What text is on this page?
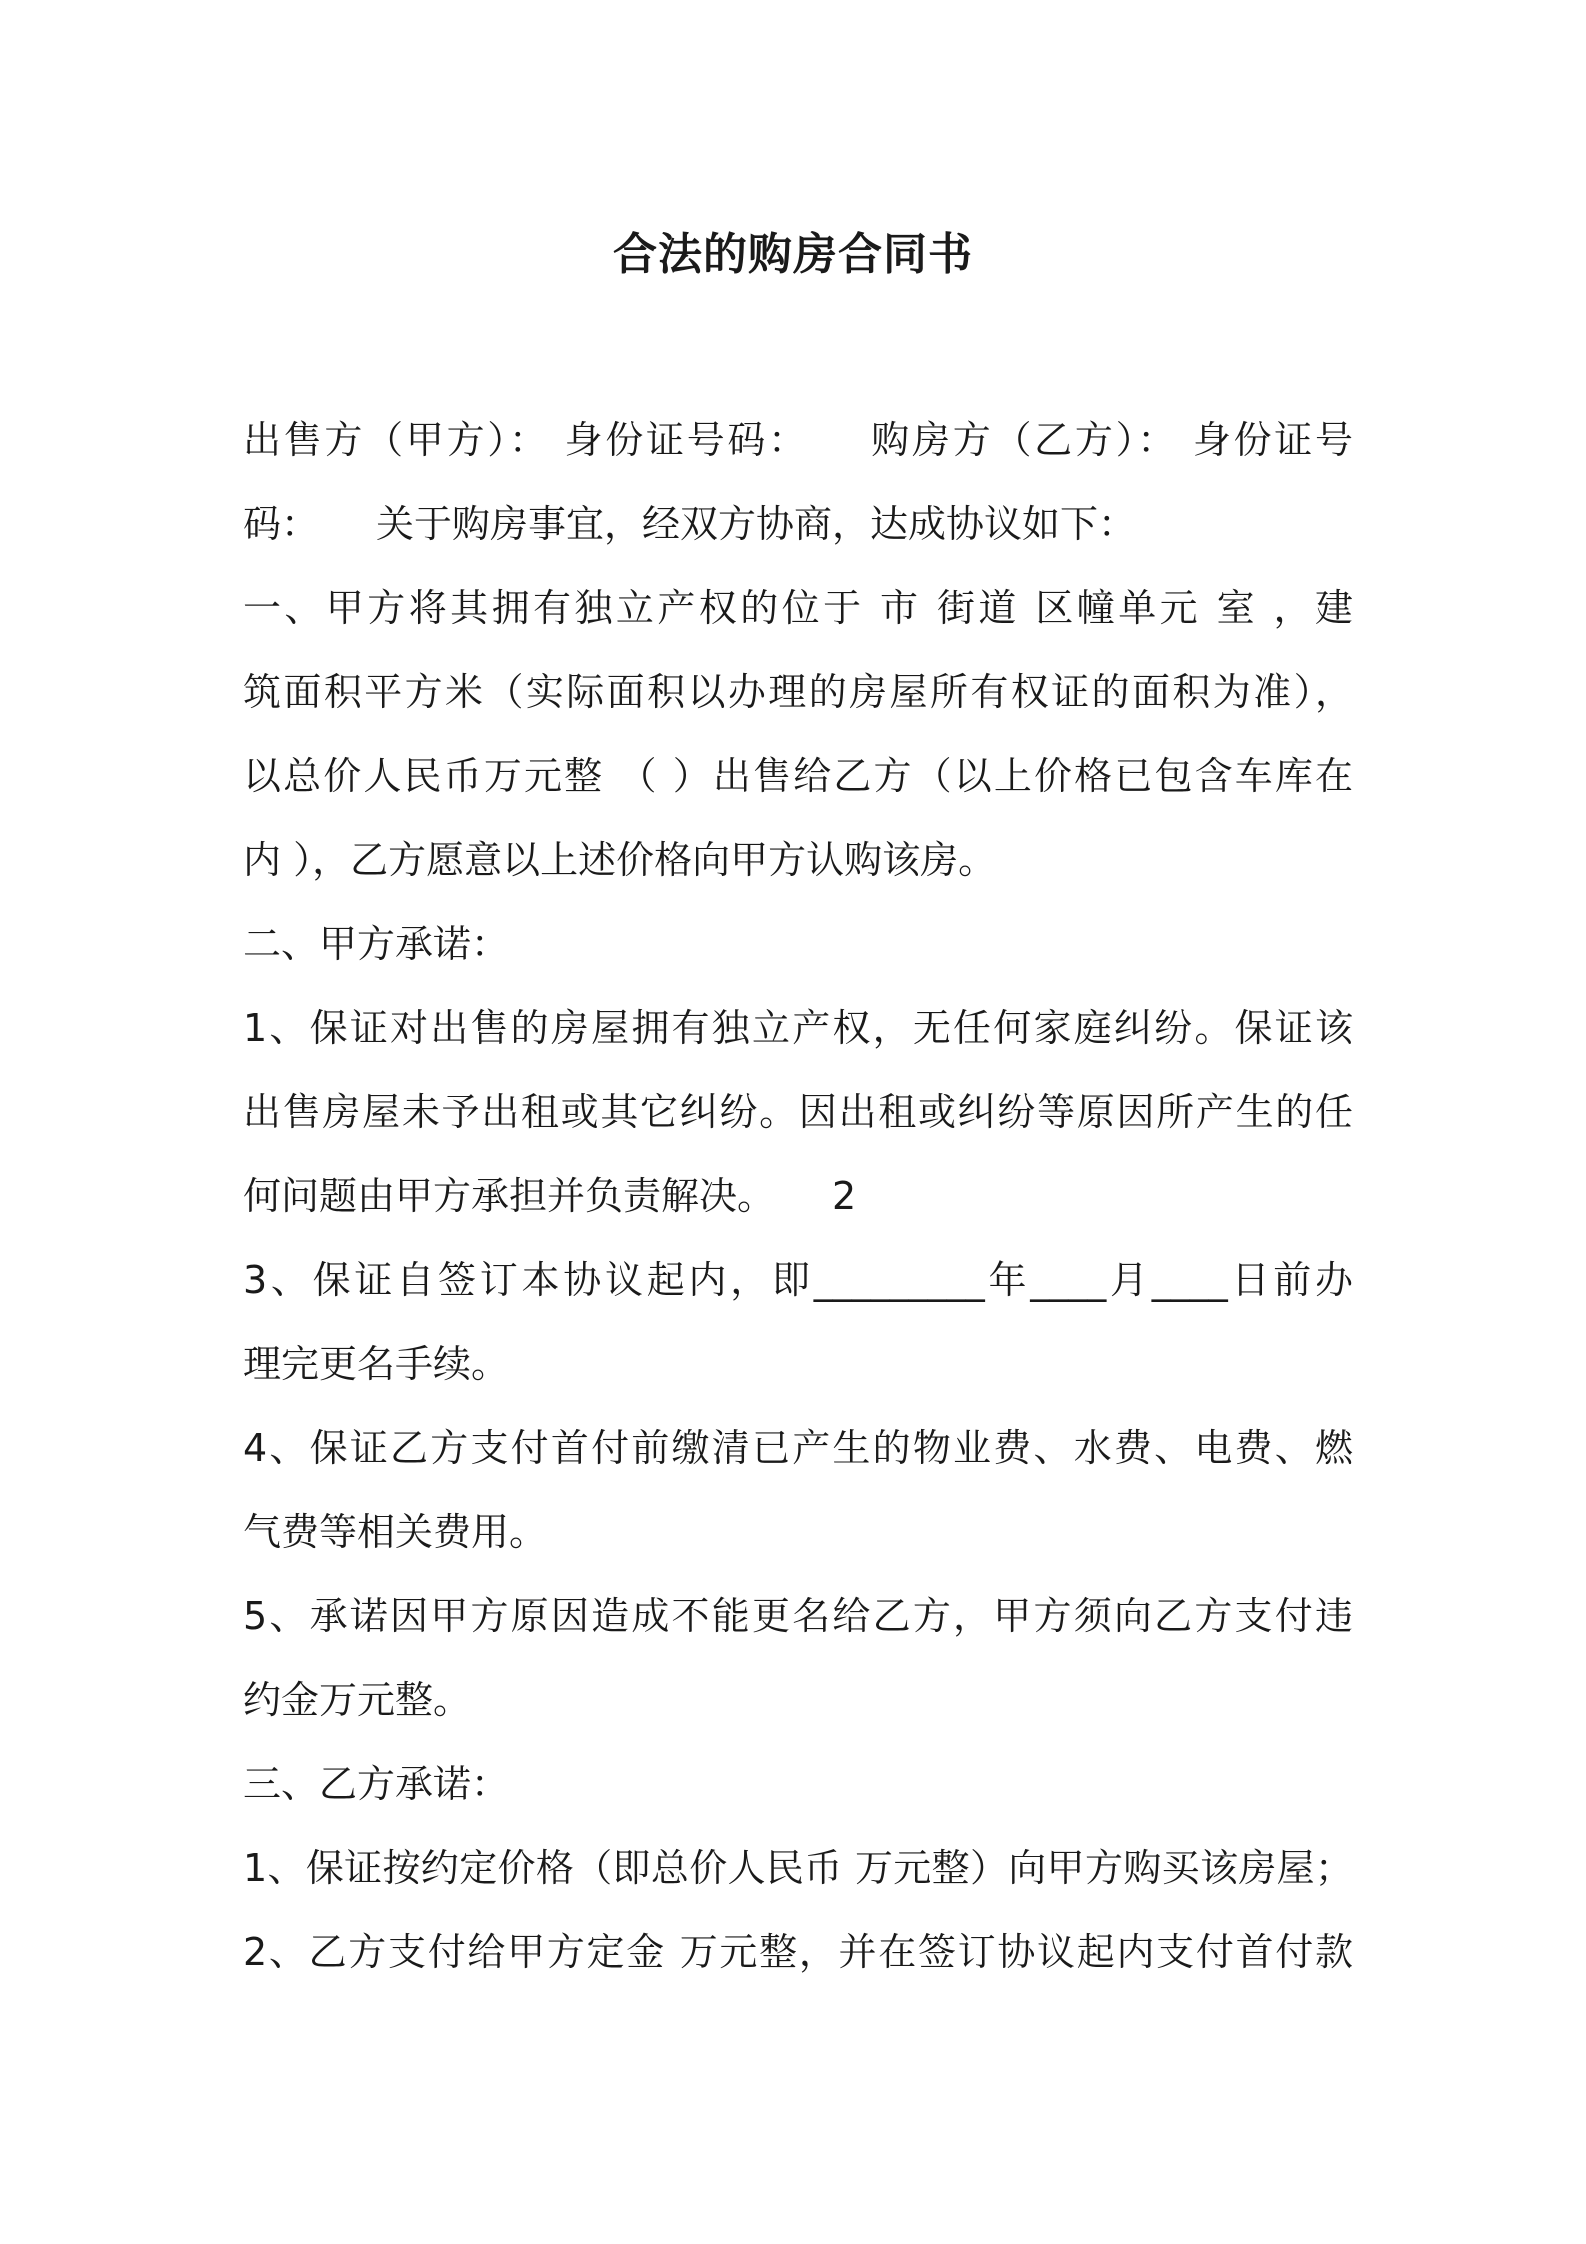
合法的购房合同书
出售方（甲方）： 身份证号码：　　购房方（乙方）： 身份证号
码：　　关于购房事宜，经双方协商，达成协议如下：
一、甲方将其拥有独立产权的位于 市 街道 区幢单元 室 ，建
筑面积平方米（实际面积以办理的房屋所有权证的面积为准），
以总价人民币万元整 （ ）出售给乙方（以上价格已包含车库在
内 ），乙方愿意以上述价格向甲方认购该房。
二、甲方承诺：
1、保证对出售的房屋拥有独立产权，无任何家庭纠纷。保证该
出售房屋未予出租或其它纠纷。因出租或纠纷等原因所产生的任
何问题由甲方承担并负责解决。　　2
3、保证自签订本协议起内，即_________年____月____日前办
理完更名手续。
4、保证乙方支付首付前缴清已产生的物业费、水费、电费、燃
气费等相关费用。
5、承诺因甲方原因造成不能更名给乙方，甲方须向乙方支付违
约金万元整。
三、乙方承诺：
1、保证按约定价格（即总价人民币 万元整）向甲方购买该房屋；
2、乙方支付给甲方定金 万元整，并在签订协议起内支付首付款
